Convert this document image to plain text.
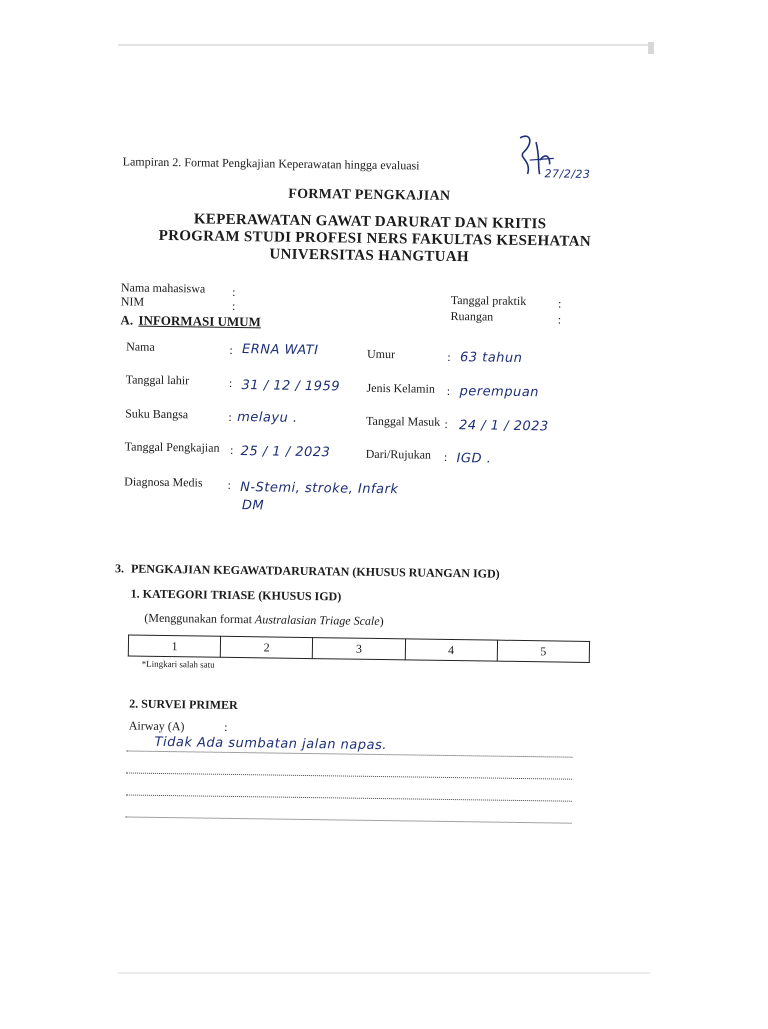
Lampiran 2. Format Pengkajian Keperawatan hingga evaluasi
27/2/23
FORMAT PENGKAJIAN
KEPERAWATAN GAWAT DARURAT DAN KRITIS
PROGRAM STUDI PROFESI NERS FAKULTAS KESEHATAN
UNIVERSITAS HANGTUAH
Nama mahasiswa :
NIM	:	Tanggal praktik	:
Ruangan	:
A. INFORMASI UMUM
Nama	: ERNA WATI	Umur	: 63 tahun
Tanggal lahir	: 31 / 12 / 1959 Jenis Kelamin : perempuan
Suku Bangsa	: melayu .	Tanggal Masuk : 24 / 1 / 2023
Tanggal Pengkajian : 25 / 1 / 2023	Dari/Rujukan : IGD .
Diagnosa Medis : N-Stemi, stroke, Infark
DM
3. PENGKAJIAN KEGAWATDARURATAN (KHUSUS RUANGAN IGD)
1. KATEGORI TRIASE (KHUSUS IGD)
(Menggunakan format Australasian Triage Scale)
1	2	3	4	5
*Lingkari salah satu
2. SURVEI PRIMER
Airway (A)	:
Tidak Ada sumbatan jalan napas.
